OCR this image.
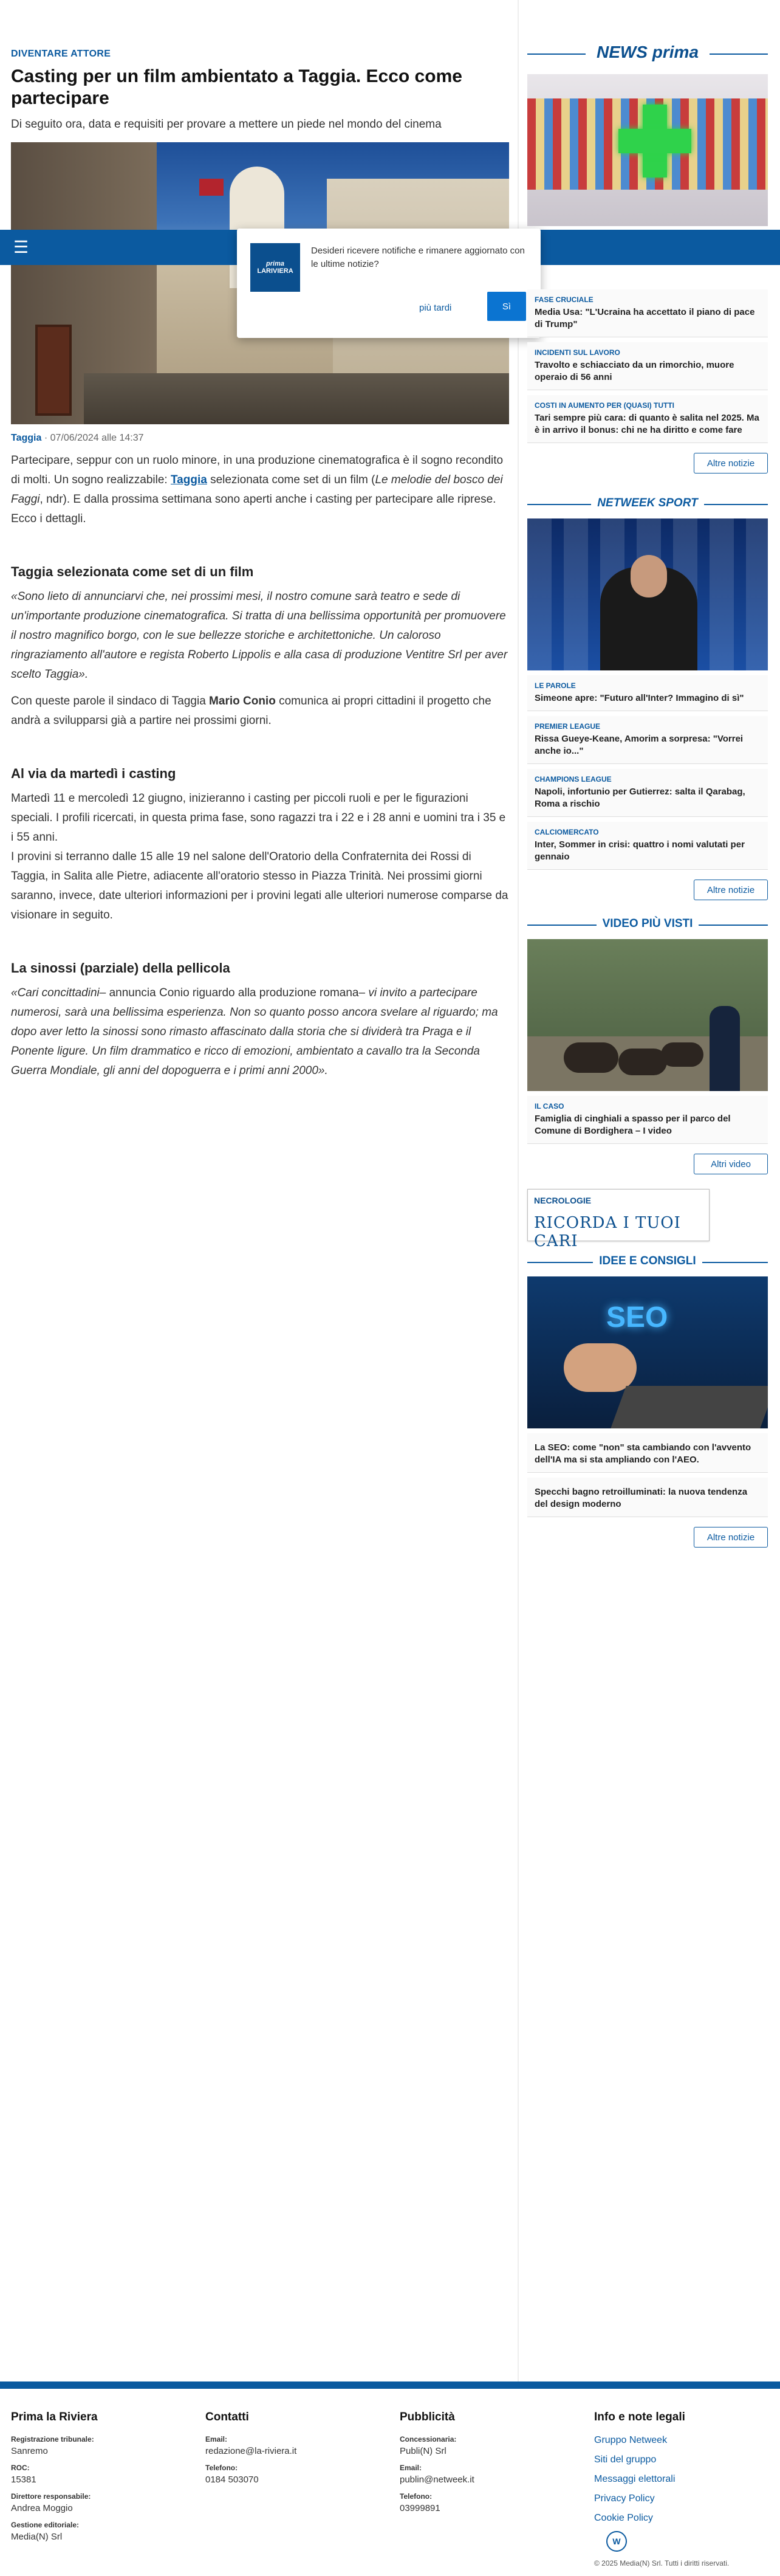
DIVENTARE ATTORE
Casting per un film ambientato a Taggia. Ecco come partecipare
Di seguito ora, data e requisiti per provare a mettere un piede nel mondo del cinema
Taggia · 07/06/2024 alle 14:37

Partecipare, seppur con un ruolo minore, in una produzione cinematografica è il sogno recondito di molti. Un sogno realizzabile: Taggia selezionata come set di un film (Le melodie del bosco dei Faggi, ndr). E dalla prossima settimana sono aperti anche i casting per partecipare alle riprese. Ecco i dettagli.

Taggia selezionata come set di un film

«Sono lieto di annunciarvi che, nei prossimi mesi, il nostro comune sarà teatro e sede di un'importante produzione cinematografica. Si tratta di una bellissima opportunità per promuovere il nostro magnifico borgo, con le sue bellezze storiche e architettoniche. Un caloroso ringraziamento all'autore e regista Roberto Lippolis e alla casa di produzione Ventitre Srl per aver scelto Taggia».

Con queste parole il sindaco di Taggia Mario Conio comunica ai propri cittadini il progetto che andrà a svilupparsi già a partire nei prossimi giorni.

Al via da martedì i casting

Martedì 11 e mercoledì 12 giugno, inizieranno i casting per piccoli ruoli e per le figurazioni speciali. I profili ricercati, in questa prima fase, sono ragazzi tra i 22 e i 28 anni e uomini tra i 35 e i 55 anni.

I provini si terranno dalle 15 alle 19 nel salone dell'Oratorio della Confraternita dei Rossi di Taggia, in Salita alle Pietre, adiacente all'oratorio stesso in Piazza Trinità. Nei prossimi giorni saranno, invece, date ulteriori informazioni per i provini legati alle ulteriori numerose comparse da visionare in seguito.

La sinossi (parziale) della pellicola

«Cari concittadini– annuncia Conio riguardo alla produzione romana– vi invito a partecipare numerosi, sarà una bellissima esperienza. Non so quanto posso ancora svelare al riguardo; ma dopo aver letto la sinossi sono rimasto affascinato dalla storia che si dividerà tra Praga e il Ponente ligure. Un film drammatico e ricco di emozioni, ambientato a cavallo tra la Seconda Guerra Mondiale, gli anni del dopoguerra e i primi anni 2000».

☰
prima
LARIVIERA
Desideri ricevere notifiche e rimanere aggiornato con le ultime notizie?
più tardi	Sì
NEWS prima
FASE CRUCIALE
Media Usa: "L'Ucraina ha accettato il piano di pace di Trump"
INCIDENTI SUL LAVORO
Travolto e schiacciato da un rimorchio, muore operaio di 56 anni
COSTI IN AUMENTO PER (QUASI) TUTTI
Tari sempre più cara: di quanto è salita nel 2025. Ma è in arrivo il bonus: chi ne ha diritto e come fare
Altre notizie
NETWEEK SPORT
LE PAROLE
Simeone apre: "Futuro all'Inter? Immagino di sì"
PREMIER LEAGUE
Rissa Gueye-Keane, Amorim a sorpresa: "Vorrei anche io..."
CHAMPIONS LEAGUE
Napoli, infortunio per Gutierrez: salta il Qarabag, Roma a rischio
CALCIOMERCATO
Inter, Sommer in crisi: quattro i nomi valutati per gennaio
Altre notizie
VIDEO PIÙ VISTI
IL CASO
Famiglia di cinghiali a spasso per il parco del Comune di Bordighera – I video
Altri video
NECROLOGIE
RICORDA I TUOI CARI
IDEE E CONSIGLI
SEO
La SEO: come "non" sta cambiando con l'avvento dell'IA ma si sta ampliando con l'AEO.
Specchi bagno retroilluminati: la nuova tendenza del design moderno
Altre notizie
Prima la Riviera
Registrazione tribunale:
Sanremo
ROC:
15381
Direttore responsabile:
Andrea Moggio
Gestione editoriale:
Media(N) Srl
Contatti
Email:
redazione@la-riviera.it
Telefono:
0184 503070
Pubblicità
Concessionaria:
Publi(N) Srl
Email:
publin@netweek.it
Telefono:
03999891
Info e note legali
Gruppo Netweek
Siti del gruppo
Messaggi elettorali
Privacy Policy
Cookie Policy
W
© 2025 Media(N) Srl. Tutti i diritti riservati.
